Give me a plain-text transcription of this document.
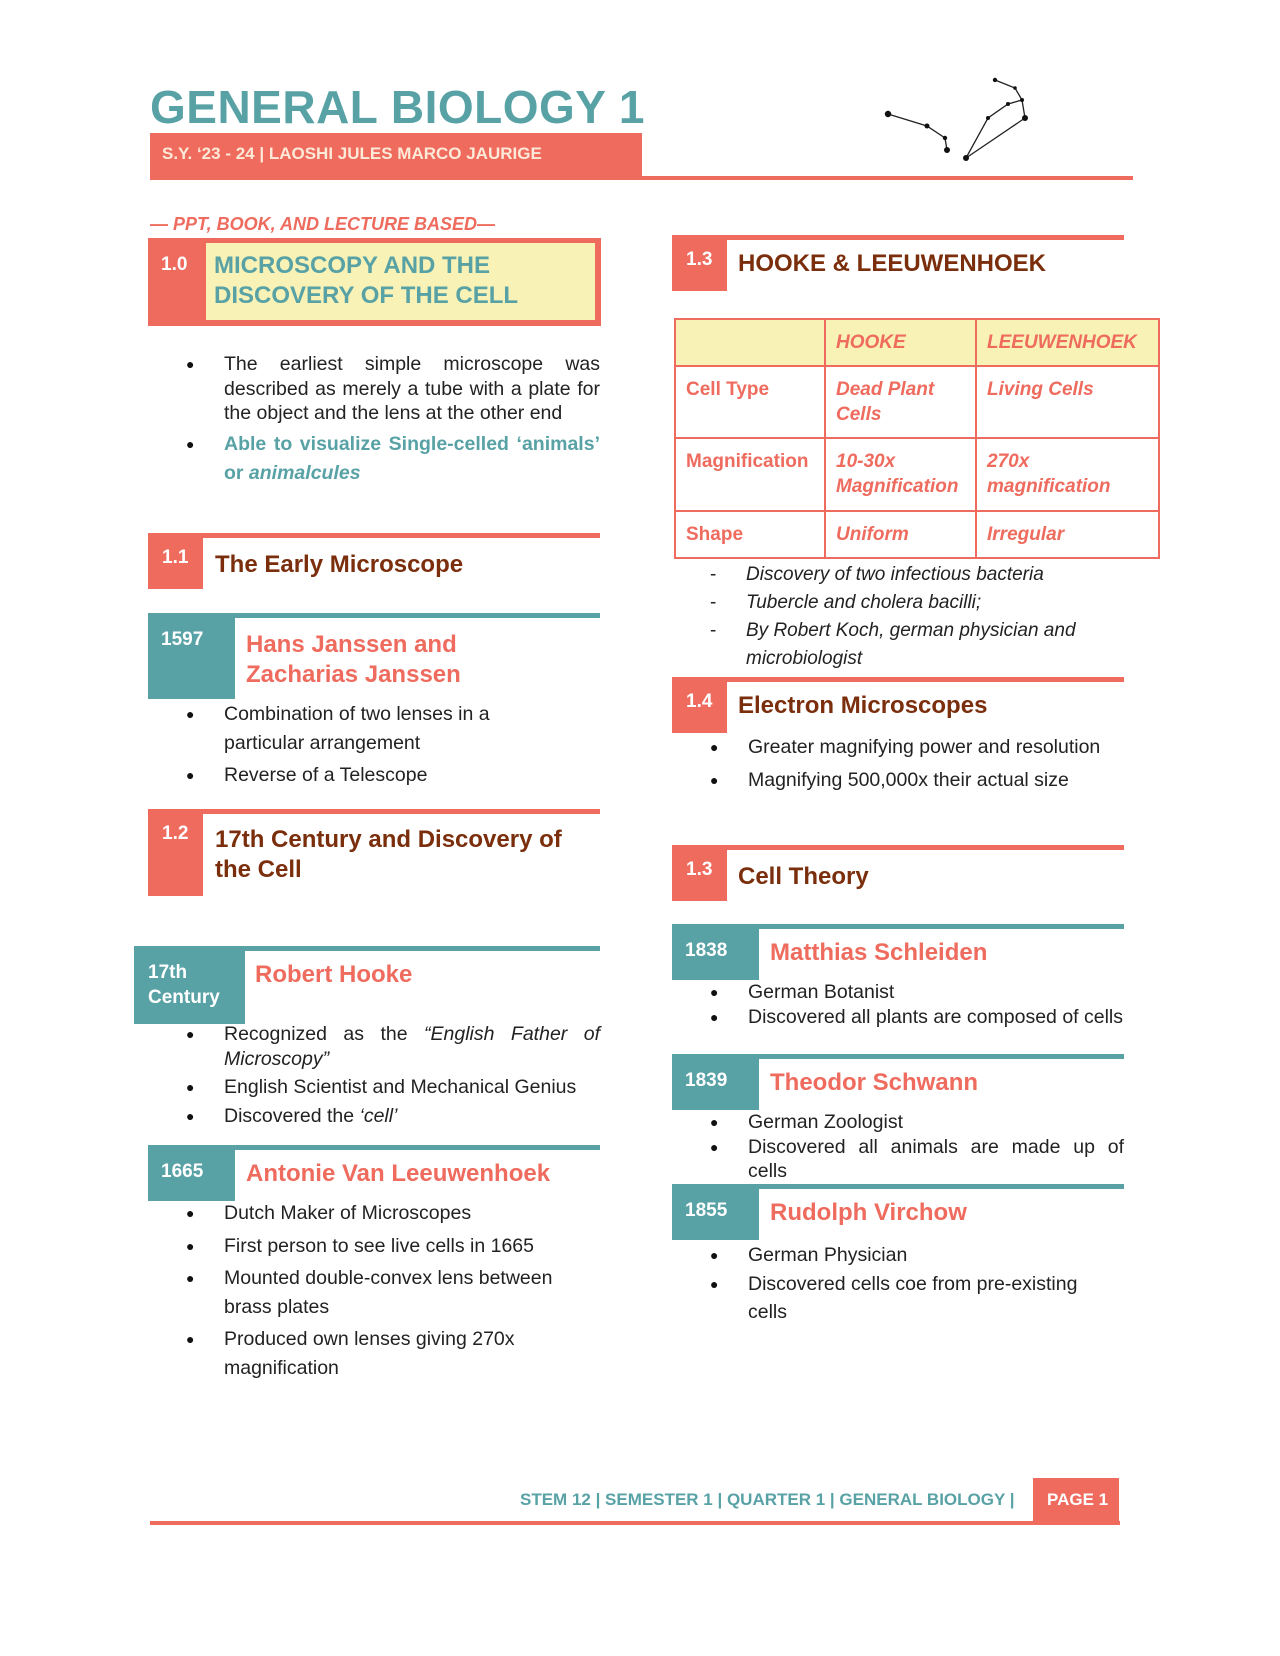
GENERAL BIOLOGY 1
S.Y. ‘23 - 24 | LAOSHI JULES MARCO JAURIGE
— PPT, BOOK, AND LECTURE BASED—
1.0 MICROSCOPY AND THE
DISCOVERY OF THE CELL
● The earliest simple microscope was described as merely a tube with a plate for the object and the lens at the other end
● Able to visualize Single-celled ‘animals’ or animalcules
1.1	The Early Microscope
1597	Hans Janssen and
Zacharias Janssen
● Combination of two lenses in a particular arrangement
● Reverse of a Telescope
1.2	17th Century and Discovery of
the Cell
17th
Century
Robert Hooke
● Recognized as the “English Father of Microscopy”
● English Scientist and Mechanical Genius
● Discovered the ‘cell’
1665	Antonie Van Leeuwenhoek
● Dutch Maker of Microscopes
● First person to see live cells in 1665
● Mounted double-convex lens between brass plates
● Produced own lenses giving 270x magnification
1.3	HOOKE & LEEUWENHOEK
	HOOKE	LEEUWENHOEK
Cell Type	Dead Plant Cells	Living Cells
Magnification	10-30x Magnification	270x magnification
Shape	Uniform	Irregular
- Discovery of two infectious bacteria
- Tubercle and cholera bacilli;
- By Robert Koch, german physician and microbiologist
1.4	Electron Microscopes
● Greater magnifying power and resolution
● Magnifying 500,000x their actual size
1.3	Cell Theory
1838	Matthias Schleiden
● German Botanist
● Discovered all plants are composed of cells
1839	Theodor Schwann
● German Zoologist
● Discovered all animals are made up of cells
1855	Rudolph Virchow
● German Physician
● Discovered cells coe from pre-existing cells
STEM 12 | SEMESTER 1 | QUARTER 1 | GENERAL BIOLOGY |	PAGE 1
